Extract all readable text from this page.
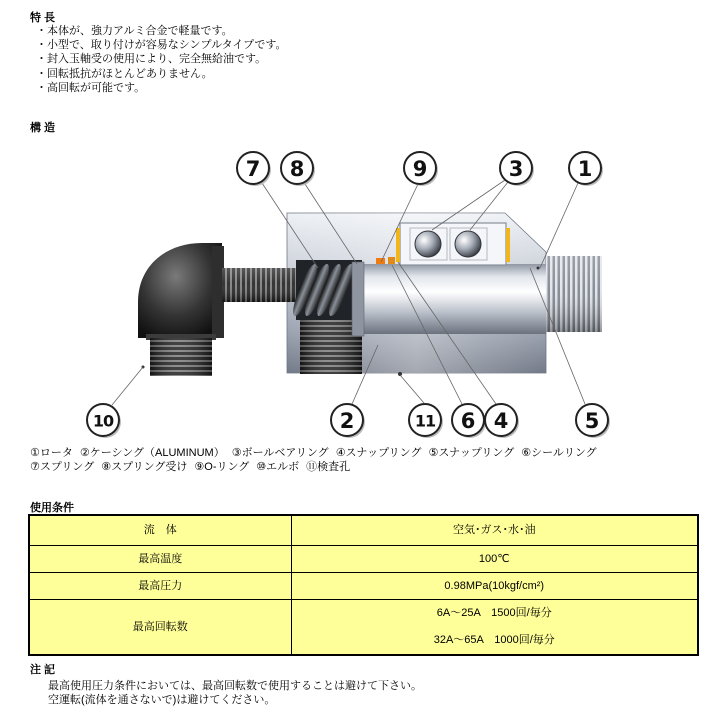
特 長
・本体が、強力アルミ合金で軽量です。
・小型で、取り付けが容易なシンプルタイプです。
・封入玉軸受の使用により、完全無給油です。
・回転抵抗がほとんどありません。
・高回転が可能です。
構 造
7 8	9	3	1
10	2	11 6 4	5
①ロータ ②ケーシング（ALUMINUM） ③ボールベアリング ④スナップリング ⑤スナップリング ⑥シールリング
⑦スプリング ⑧スプリング受け ⑨O-リング ⑩エルボ ⑪検査孔
使用条件
流　体	空気･ガス･水･油
最高温度	100℃
最高圧力	0.98MPa(10kgf/cm²)
最高回転数	6A～25A　1500回/毎分
32A～65A　1000回/毎分
注 記
最高使用圧力条件においては、最高回転数で使用することは避けて下さい。
空運転(流体を通さないで)は避けてください。
